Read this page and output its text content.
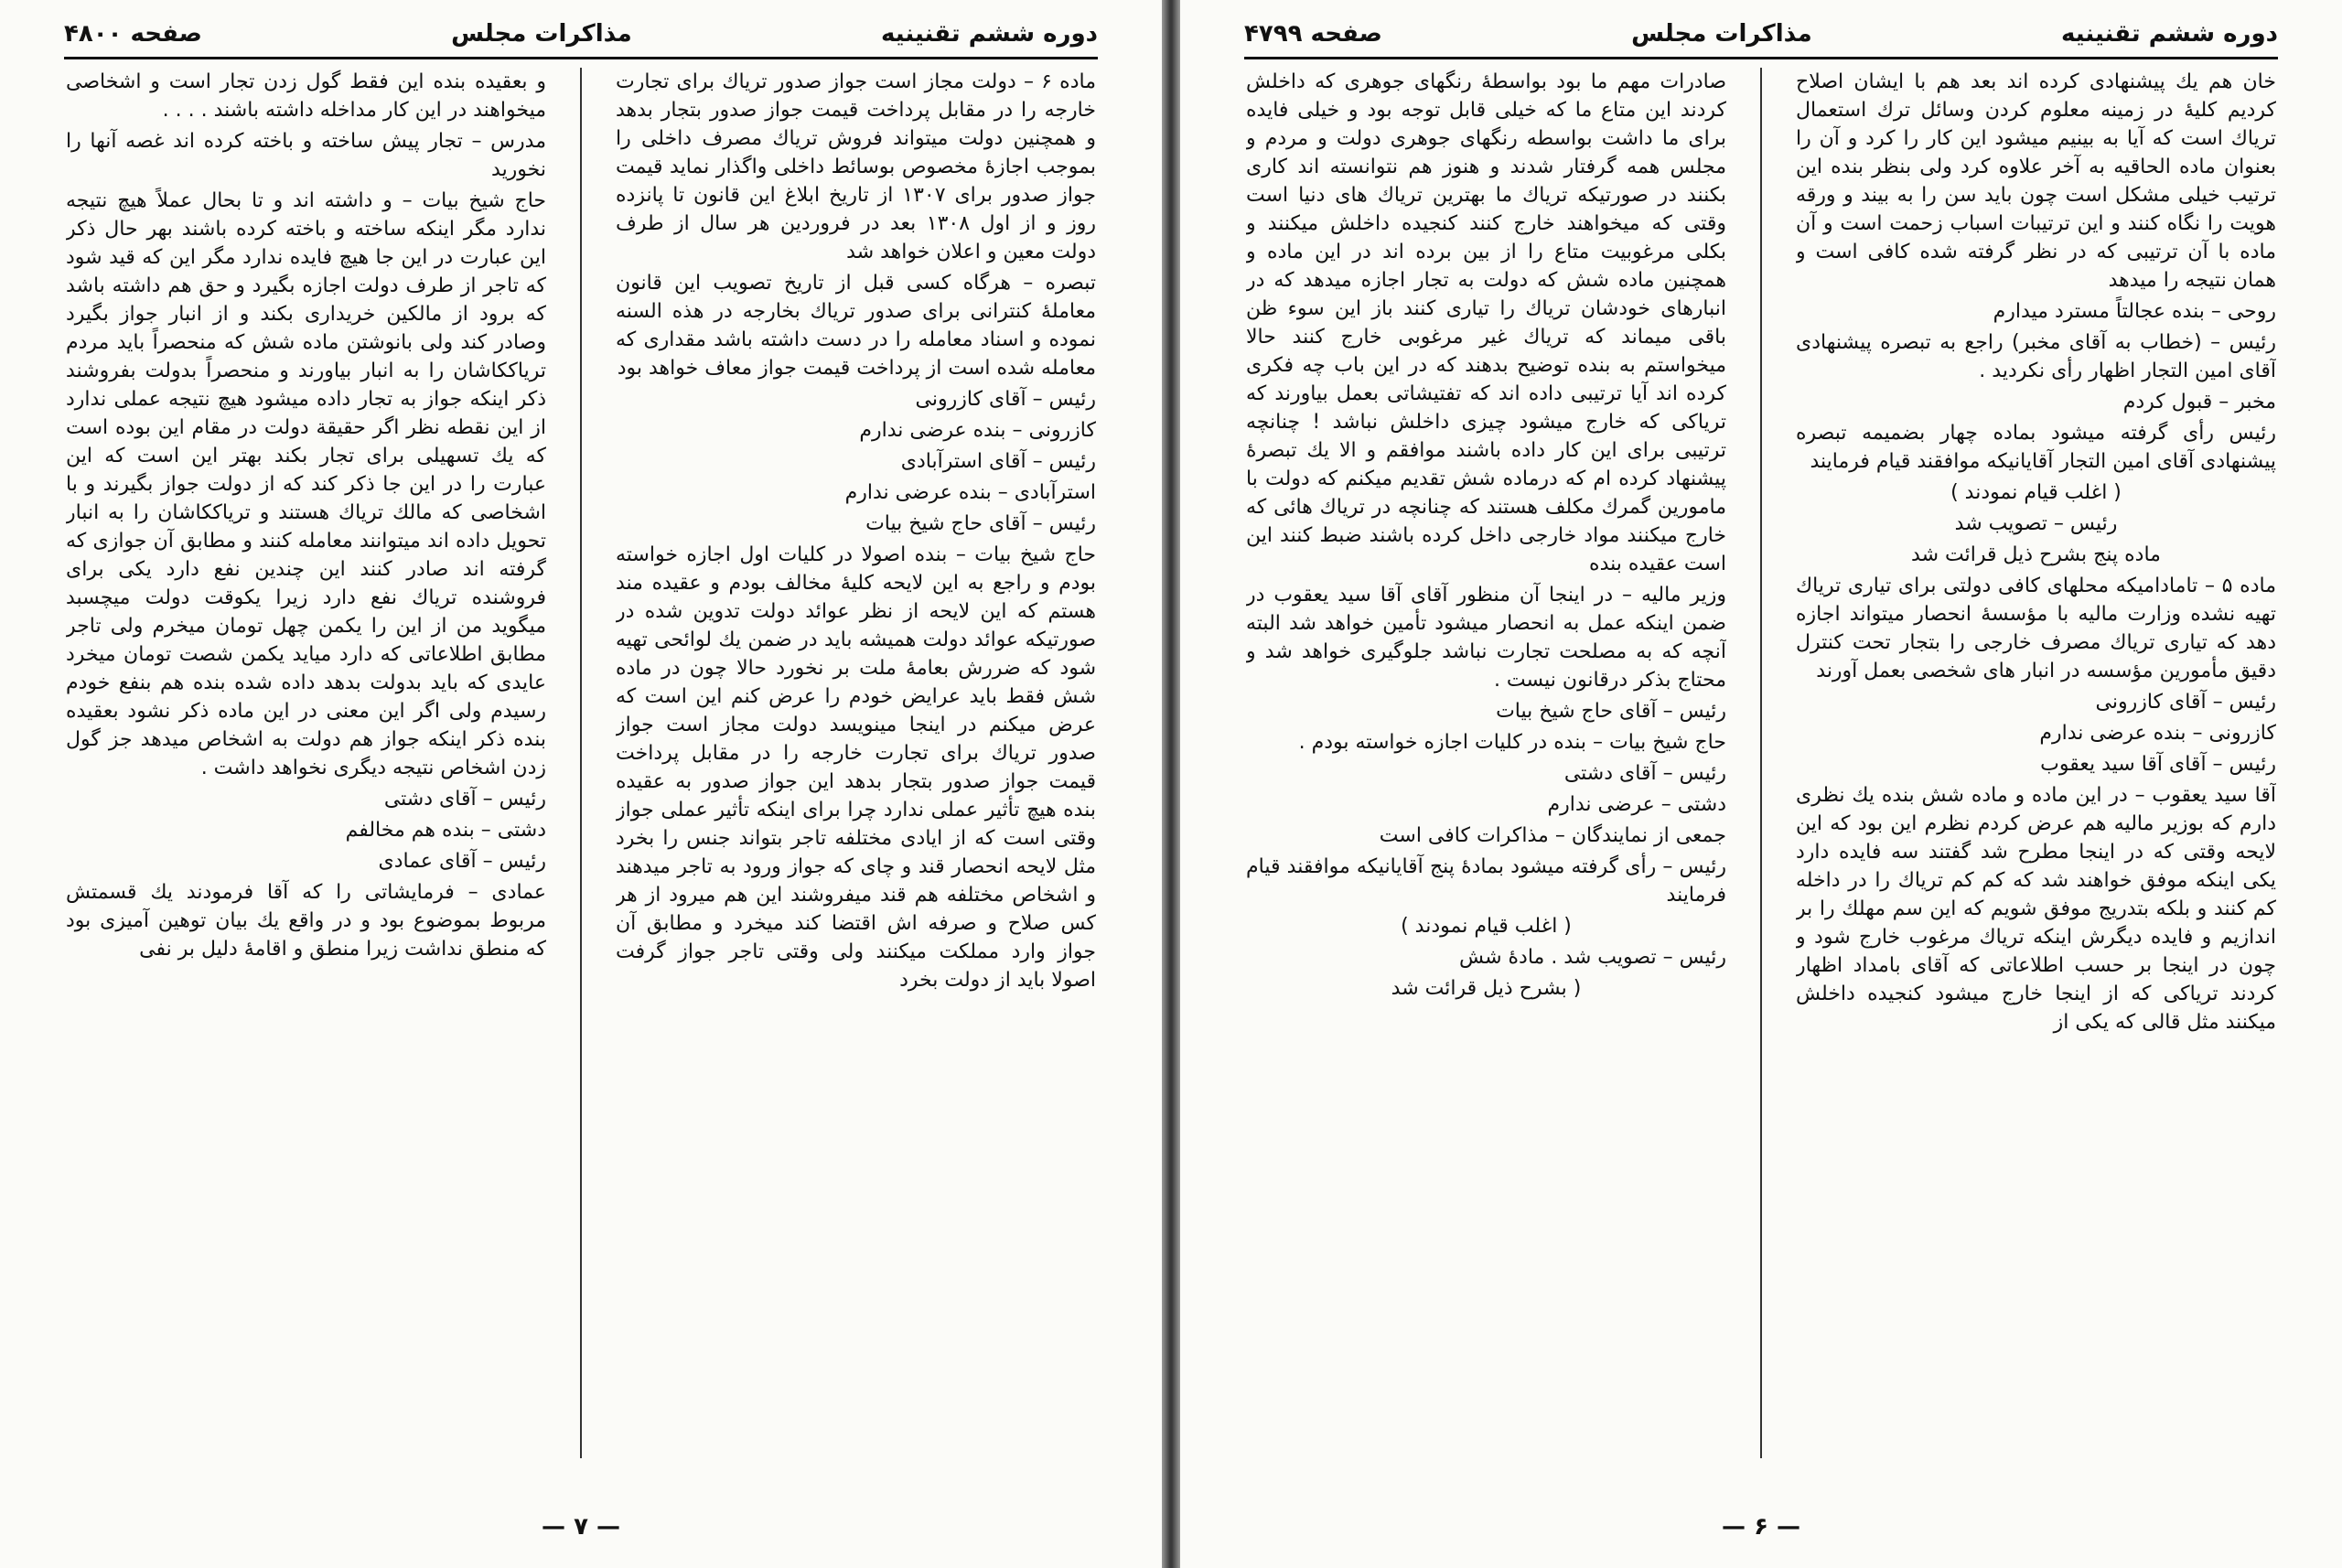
دوره ششم تقنینیه
مذاکرات مجلس
صفحه ۴۸۰۰

ماده ۶ – دولت مجاز است جواز صدور تریاك برای تجارت خارجه را در مقابل پرداخت قیمت جواز صدور بتجار بدهد و همچنین دولت میتواند فروش تریاك مصرف داخلی را بموجب اجازهٔ مخصوص بوسائط داخلی واگذار نماید قیمت جواز صدور برای ۱۳۰۷ از تاریخ ابلاغ این قانون تا پانزده روز و از اول ۱۳۰۸ بعد در فروردین هر سال از طرف دولت معین و اعلان خواهد شد

تبصره – هرگاه کسی قبل از تاریخ تصویب این قانون معاملهٔ کنترانی برای صدور تریاك بخارجه در هذه السنه نموده و اسناد معامله را در دست داشته باشد مقداری که معامله شده است از پرداخت قیمت جواز معاف خواهد بود

رئیس – آقای کازرونی

کازرونی – بنده عرضی ندارم

رئیس – آقای استرآبادی

استرآبادی – بنده عرضی ندارم

رئیس – آقای حاج شیخ بیات

حاج شیخ بیات – بنده اصولا در کلیات اول اجازه خواسته بودم و راجع به این لایحه کلیهٔ مخالف بودم و عقیده مند هستم که این لایحه از نظر عوائد دولت تدوین شده در صورتیکه عوائد دولت همیشه باید در ضمن یك لوائحی تهیه شود که ضررش بعامهٔ ملت بر نخورد حالا چون در ماده شش فقط باید عرایض خودم را عرض کنم این است که عرض میکنم در اینجا مینویسد دولت مجاز است جواز صدور تریاك برای تجارت خارجه را در مقابل پرداخت قیمت جواز صدور بتجار بدهد این جواز صدور به عقیده بنده هیچ تأثیر عملی ندارد چرا برای اینکه تأثیر عملی جواز وقتی است که از ایادی مختلفه تاجر بتواند جنس را بخرد مثل لایحه انحصار قند و چای که جواز ورود به تاجر میدهند و اشخاص مختلفه هم قند میفروشند این هم میرود از هر کس صلاح و صرفه اش اقتضا کند میخرد و مطابق آن جواز وارد مملکت میکنند ولی وقتی تاجر جواز گرفت اصولا باید از دولت بخرد

و بعقیده بنده این فقط گول زدن تجار است و اشخاصی میخواهند در این کار مداخله داشته باشند . . . .

مدرس – تجار پیش ساخته و باخته کرده اند غصه آنها را نخورید

حاج شیخ بیات – و داشته اند و تا بحال عملاً هیچ نتیجه ندارد مگر اینکه ساخته و باخته کرده باشند بهر حال ذکر این عبارت در این جا هیچ فایده ندارد مگر این که قید شود که تاجر از طرف دولت اجازه بگیرد و حق هم داشته باشد که برود از مالکین خریداری بکند و از انبار جواز بگیرد وصادر کند ولی بانوشتن ماده شش که منحصراً باید مردم تریاککاشان را به انبار بیاورند و منحصراً بدولت بفروشند ذکر اینکه جواز به تجار داده میشود هیچ نتیجه عملی ندارد از این نقطه نظر اگر حقیقة دولت در مقام این بوده است که یك تسهیلی برای تجار بکند بهتر این است که این عبارت را در این جا ذکر کند که از دولت جواز بگیرند و با اشخاصی که مالك تریاك هستند و تریاککاشان را به انبار تحویل داده اند میتوانند معامله کنند و مطابق آن جوازی که گرفته اند صادر کنند این چندین نفع دارد یکی برای فروشنده تریاك نفع دارد زیرا یکوقت دولت میچسبد میگوید من از این را یکمن چهل تومان میخرم ولی تاجر مطابق اطلاعاتی که دارد میاید یکمن شصت تومان میخرد عایدی که باید بدولت بدهد داده شده بنده هم بنفع خودم رسیدم ولی اگر این معنی در این ماده ذکر نشود بعقیده بنده ذکر اینکه جواز هم دولت به اشخاص میدهد جز گول زدن اشخاص نتیجه دیگری نخواهد داشت .

رئیس – آقای دشتی

دشتی – بنده هم مخالفم

رئیس – آقای عمادی

عمادی – فرمایشاتی را که آقا فرمودند یك قسمتش مربوط بموضوع بود و در واقع یك بیان توهین آمیزی بود که منطق نداشت زیرا منطق و اقامهٔ دلیل بر نفی

— ۷ —
دوره ششم تقنینیه
مذاکرات مجلس
صفحه ۴۷۹۹

خان هم یك پیشنهادی کرده اند بعد هم با ایشان اصلاح کردیم کلیهٔ در زمینه معلوم کردن وسائل ترك استعمال تریاك است که آیا به بینیم میشود این کار را کرد و آن را بعنوان ماده الحاقیه به آخر علاوه کرد ولی بنظر بنده این ترتیب خیلی مشکل است چون باید سن را به بیند و ورقه هویت را نگاه کنند و این ترتیبات اسباب زحمت است و آن ماده با آن ترتیبی که در نظر گرفته شده کافی است و همان نتیجه را میدهد

روحی – بنده عجالتاً مسترد میدارم

رئیس – (خطاب به آقای مخبر) راجع به تبصره پیشنهادی آقای امین التجار اظهار رأی نکردید .

مخبر – قبول کردم

رئیس رأی گرفته میشود بماده چهار بضمیمه تبصره پیشنهادی آقای امین التجار آقایانیکه موافقند قیام فرمایند

( اغلب قیام نمودند )

رئیس – تصویب شد

ماده پنج بشرح ذیل قرائت شد

ماده ۵ – تامادامیکه محلهای کافی دولتی برای تیاری تریاك تهیه نشده وزارت مالیه با مؤسسهٔ انحصار میتواند اجازه دهد که تیاری تریاك مصرف خارجی را بتجار تحت کنترل دقیق مأمورین مؤسسه در انبار های شخصی بعمل آورند

رئیس – آقای کازرونی

کازرونی – بنده عرضی ندارم

رئیس – آقای آقا سید یعقوب

آقا سید یعقوب – در این ماده و ماده شش بنده یك نظری دارم که بوزیر مالیه هم عرض کردم نظرم این بود که این لایحه وقتی که در اینجا مطرح شد گفتند سه فایده دارد یکی اینکه موفق خواهند شد که کم کم تریاك را در داخله کم کنند و بلکه بتدریج موفق شویم که این سم مهلك را بر اندازیم و فایده دیگرش اینکه تریاك مرغوب خارج شود و چون در اینجا بر حسب اطلاعاتی که آقای بامداد اظهار کردند تریاکی که از اینجا خارج میشود کنجیده داخلش میکنند مثل قالی که یکی از

صادرات مهم ما بود بواسطهٔ رنگهای جوهری که داخلش کردند این متاع ما که خیلی قابل توجه بود و خیلی فایده برای ما داشت بواسطه رنگهای جوهری دولت و مردم و مجلس همه گرفتار شدند و هنوز هم نتوانسته اند کاری بکنند در صورتیکه تریاك ما بهترین تریاك های دنیا است وقتی که میخواهند خارج کنند کنجیده داخلش میکنند و بکلی مرغوبیت متاع را از بین برده اند در این ماده و همچنین ماده شش که دولت به تجار اجازه میدهد که در انبارهای خودشان تریاك را تیاری کنند باز این سوء ظن باقی میماند که تریاك غیر مرغوبی خارج کنند حالا میخواستم به بنده توضیح بدهند که در این باب چه فکری کرده اند آیا ترتیبی داده اند که تفتیشاتی بعمل بیاورند که تریاکی که خارج میشود چیزی داخلش نباشد ! چنانچه ترتیبی برای این کار داده باشند موافقم و الا یك تبصرهٔ پیشنهاد کرده ام که درماده شش تقدیم میکنم که دولت با مامورین گمرك مکلف هستند که چنانچه در تریاك هائی که خارج میکنند مواد خارجی داخل کرده باشند ضبط کنند این است عقیده بنده

وزیر مالیه – در اینجا آن منظور آقای آقا سید یعقوب در ضمن اینکه عمل به انحصار میشود تأمین خواهد شد البته آنچه که به مصلحت تجارت نباشد جلوگیری خواهد شد و محتاج بذکر درقانون نیست .

رئیس – آقای حاج شیخ بیات

حاج شیخ بیات – بنده در کلیات اجازه خواسته بودم .

رئیس – آقای دشتی

دشتی – عرضی ندارم

جمعی از نمایندگان – مذاکرات کافی است

رئیس – رأی گرفته میشود بمادهٔ پنج آقایانیکه موافقند قیام فرمایند

( اغلب قیام نمودند )

رئیس – تصویب شد . مادهٔ شش

( بشرح ذیل قرائت شد

— ۶ —
